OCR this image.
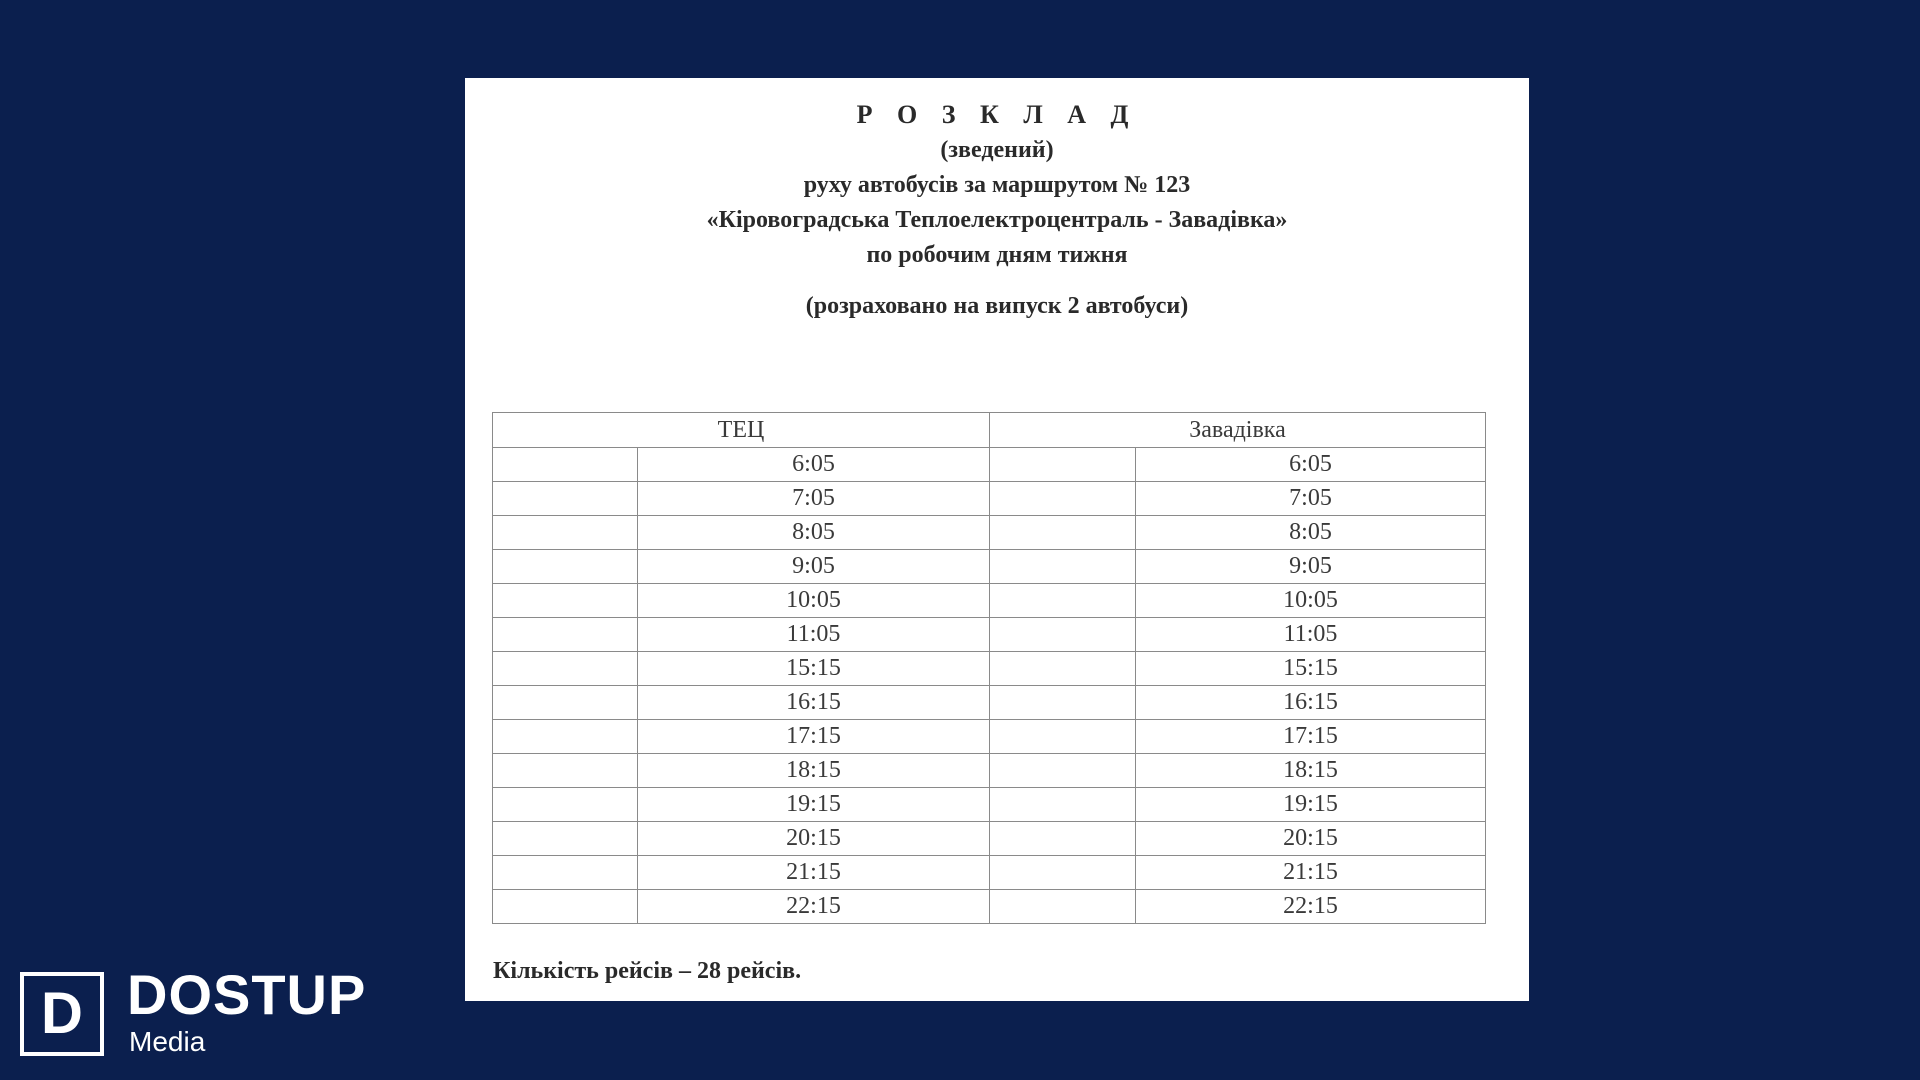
Р О З К Л А Д
(зведений)
руху автобусів за маршрутом № 123
«Кіровоградська Теплоелектроцентраль - Завадівка»
по робочим дням тижня
(розраховано на випуск 2 автобуси)
ТЕЦ		Завадівка	
	6:05		6:05
	7:05		7:05
	8:05		8:05
	9:05		9:05
	10:05		10:05
	11:05		11:05
	15:15		15:15
	16:15		16:15
	17:15		17:15
	18:15		18:15
	19:15		19:15
	20:15		20:15
	21:15		21:15
	22:15		22:15
Кількість рейсів – 28 рейсів.
D DOSTUP
Media
